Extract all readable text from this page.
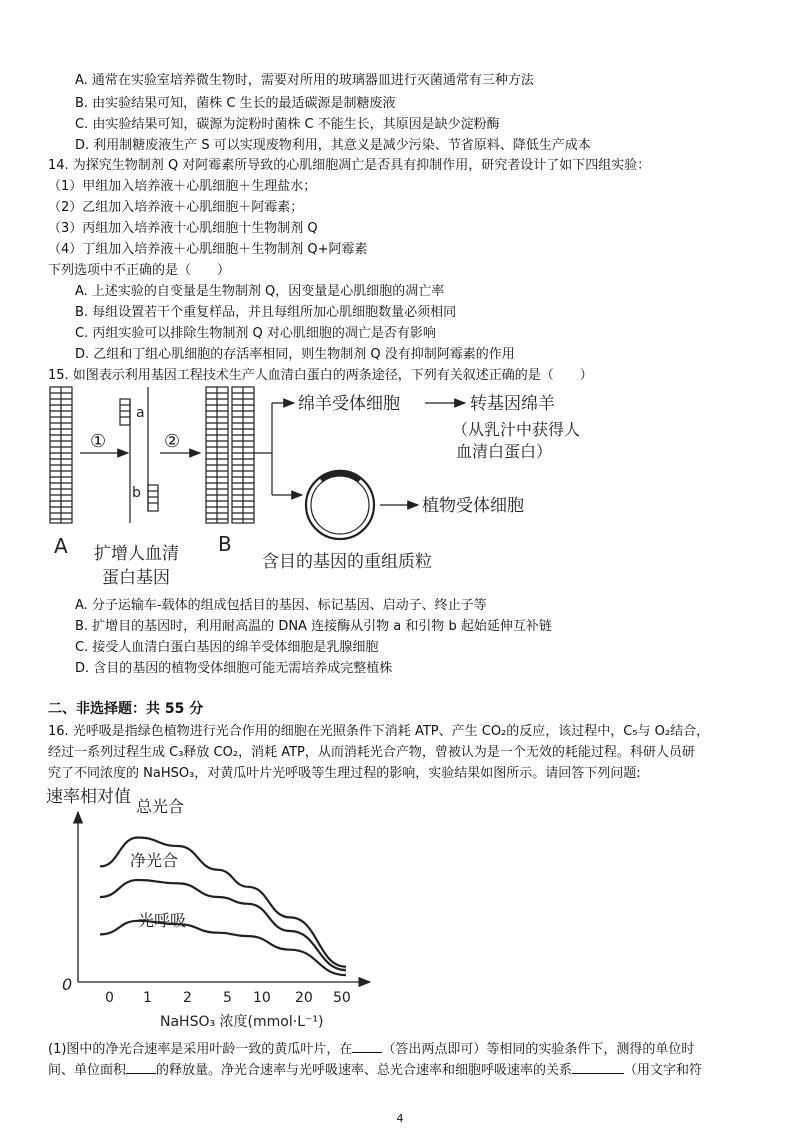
A. 通常在实验室培养微生物时，需要对所用的玻璃器皿进行灭菌通常有三种方法
B. 由实验结果可知，菌株 C 生长的最适碳源是制糖废液
C. 由实验结果可知，碳源为淀粉时菌株 C 不能生长，其原因是缺少淀粉酶
D. 利用制糖废液生产 S 可以实现废物利用，其意义是减少污染、节省原料、降低生产成本
14. 为探究生物制剂 Q 对阿霉素所导致的心肌细胞凋亡是否具有抑制作用，研究者设计了如下四组实验：
（1）甲组加入培养液＋心肌细胞＋生理盐水；
（2）乙组加入培养液＋心肌细胞＋阿霉素；
（3）丙组加入培养液十心肌细胞十生物制剂 Q
（4）丁组加入培养液＋心肌细胞＋生物制剂 Q+阿霉素
下列选项中不正确的是（　　）
A. 上述实验的自变量是生物制剂 Q，因变量是心肌细胞的凋亡率
B. 每组设置若干个重复样品，并且每组所加心肌细胞数量必须相同
C. 丙组实验可以排除生物制剂 Q 对心肌细胞的凋亡是否有影响
D. 乙组和丁组心肌细胞的存活率相同，则生物制剂 Q 没有抑制阿霉素的作用
15. 如图表示利用基因工程技术生产人血清白蛋白的两条途径，下列有关叙述正确的是（　　）
①
a
b
②
绵羊受体细胞	转基因绵羊
（从乳汁中获得人
血清白蛋白）
植物受体细胞
A 扩增人血清
蛋白基因
B
含目的基因的重组质粒
A. 分子运输车-载体的组成包括目的基因、标记基因、启动子、终止子等
B. 扩增目的基因时，利用耐高温的 DNA 连接酶从引物 a 和引物 b 起始延伸互补链
C. 接受人血清白蛋白基因的绵羊受体细胞是乳腺细胞
D. 含目的基因的植物受体细胞可能无需培养成完整植株
二、非选择题：共 55 分
16. 光呼吸是指绿色植物进行光合作用的细胞在光照条件下消耗 ATP、产生 CO₂的反应，该过程中，C₅与 O₂结合，
经过一系列过程生成 C₃释放 CO₂，消耗 ATP，从而消耗光合产物，曾被认为是一个无效的耗能过程。科研人员研
究了不同浓度的 NaHSO₃，对黄瓜叶片光呼吸等生理过程的影响，实验结果如图所示。请回答下列问题:
速率相对值
0
0 1 2 5 10 20 50
总光合
净光合
光呼吸
NaHSO₃ 浓度(mmol·L⁻¹)
(1)图中的净光合速率是采用叶龄一致的黄瓜叶片，在 （答出两点即可）等相同的实验条件下，测得的单位时
间、单位面积 的释放量。净光合速率与光呼吸速率、总光合速率和细胞呼吸速率的关系	（用文字和符
4
